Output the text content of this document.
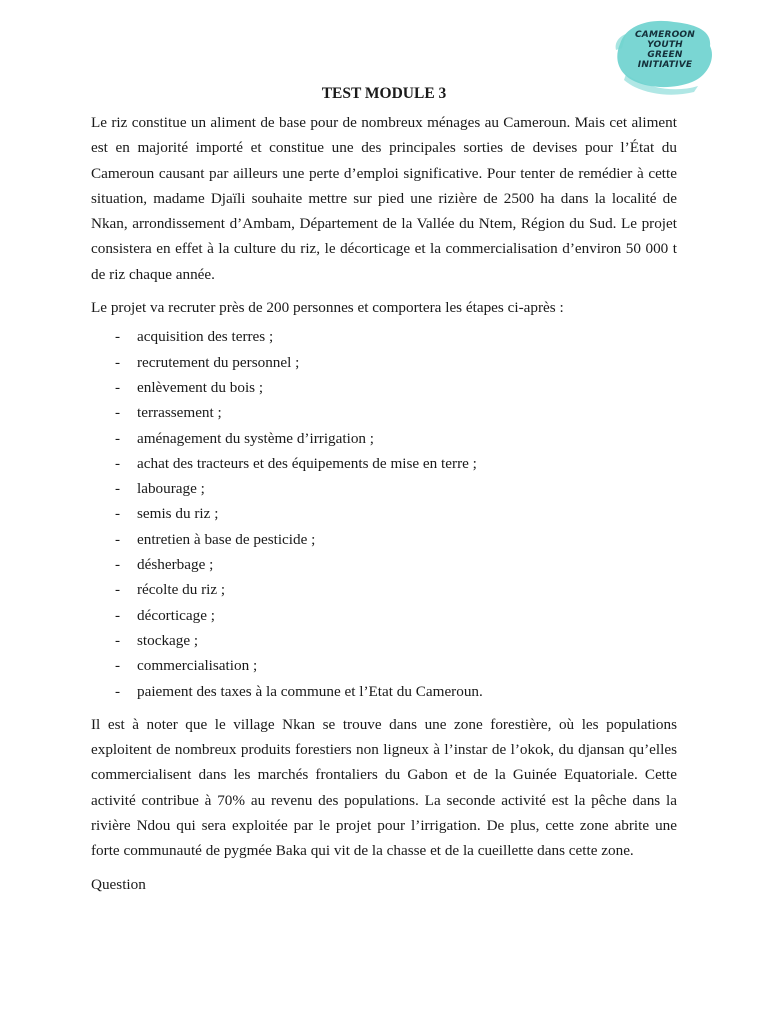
CAMEROON
YOUTH
GREEN
INITIATIVE
TEST MODULE 3

Le riz constitue un aliment de base pour de nombreux ménages au Cameroun. Mais cet aliment est en majorité importé et constitue une des principales sorties de devises pour l’État du Cameroun causant par ailleurs une perte d’emploi significative. Pour tenter de remédier à cette situation, madame Djaïli souhaite mettre sur pied une rizière de 2500 ha dans la localité de Nkan, arrondissement d’Ambam, Département de la Vallée du Ntem, Région du Sud. Le projet consistera en effet à la culture du riz, le décorticage et la commercialisation d’environ 50 000 t de riz chaque année.

Le projet va recruter près de 200 personnes et comportera les étapes ci-après :

- acquisition des terres ;
- recrutement du personnel ;
- enlèvement du bois ;
- terrassement ;
- aménagement du système d’irrigation ;
- achat des tracteurs et des équipements de mise en terre ;
- labourage ;
- semis du riz ;
- entretien à base de pesticide ;
- désherbage ;
- récolte du riz ;
- décorticage ;
- stockage ;
- commercialisation ;
- paiement des taxes à la commune et l’Etat du Cameroun.

Il est à noter que le village Nkan se trouve dans une zone forestière, où les populations exploitent de nombreux produits forestiers non ligneux à l’instar de l’okok, du djansan qu’elles commercialisent dans les marchés frontaliers du Gabon et de la Guinée Equatoriale. Cette activité contribue à 70% au revenu des populations. La seconde activité est la pêche dans la rivière Ndou qui sera exploitée par le projet pour l’irrigation. De plus, cette zone abrite une forte communauté de pygmée Baka qui vit de la chasse et de la cueillette dans cette zone.

Question
